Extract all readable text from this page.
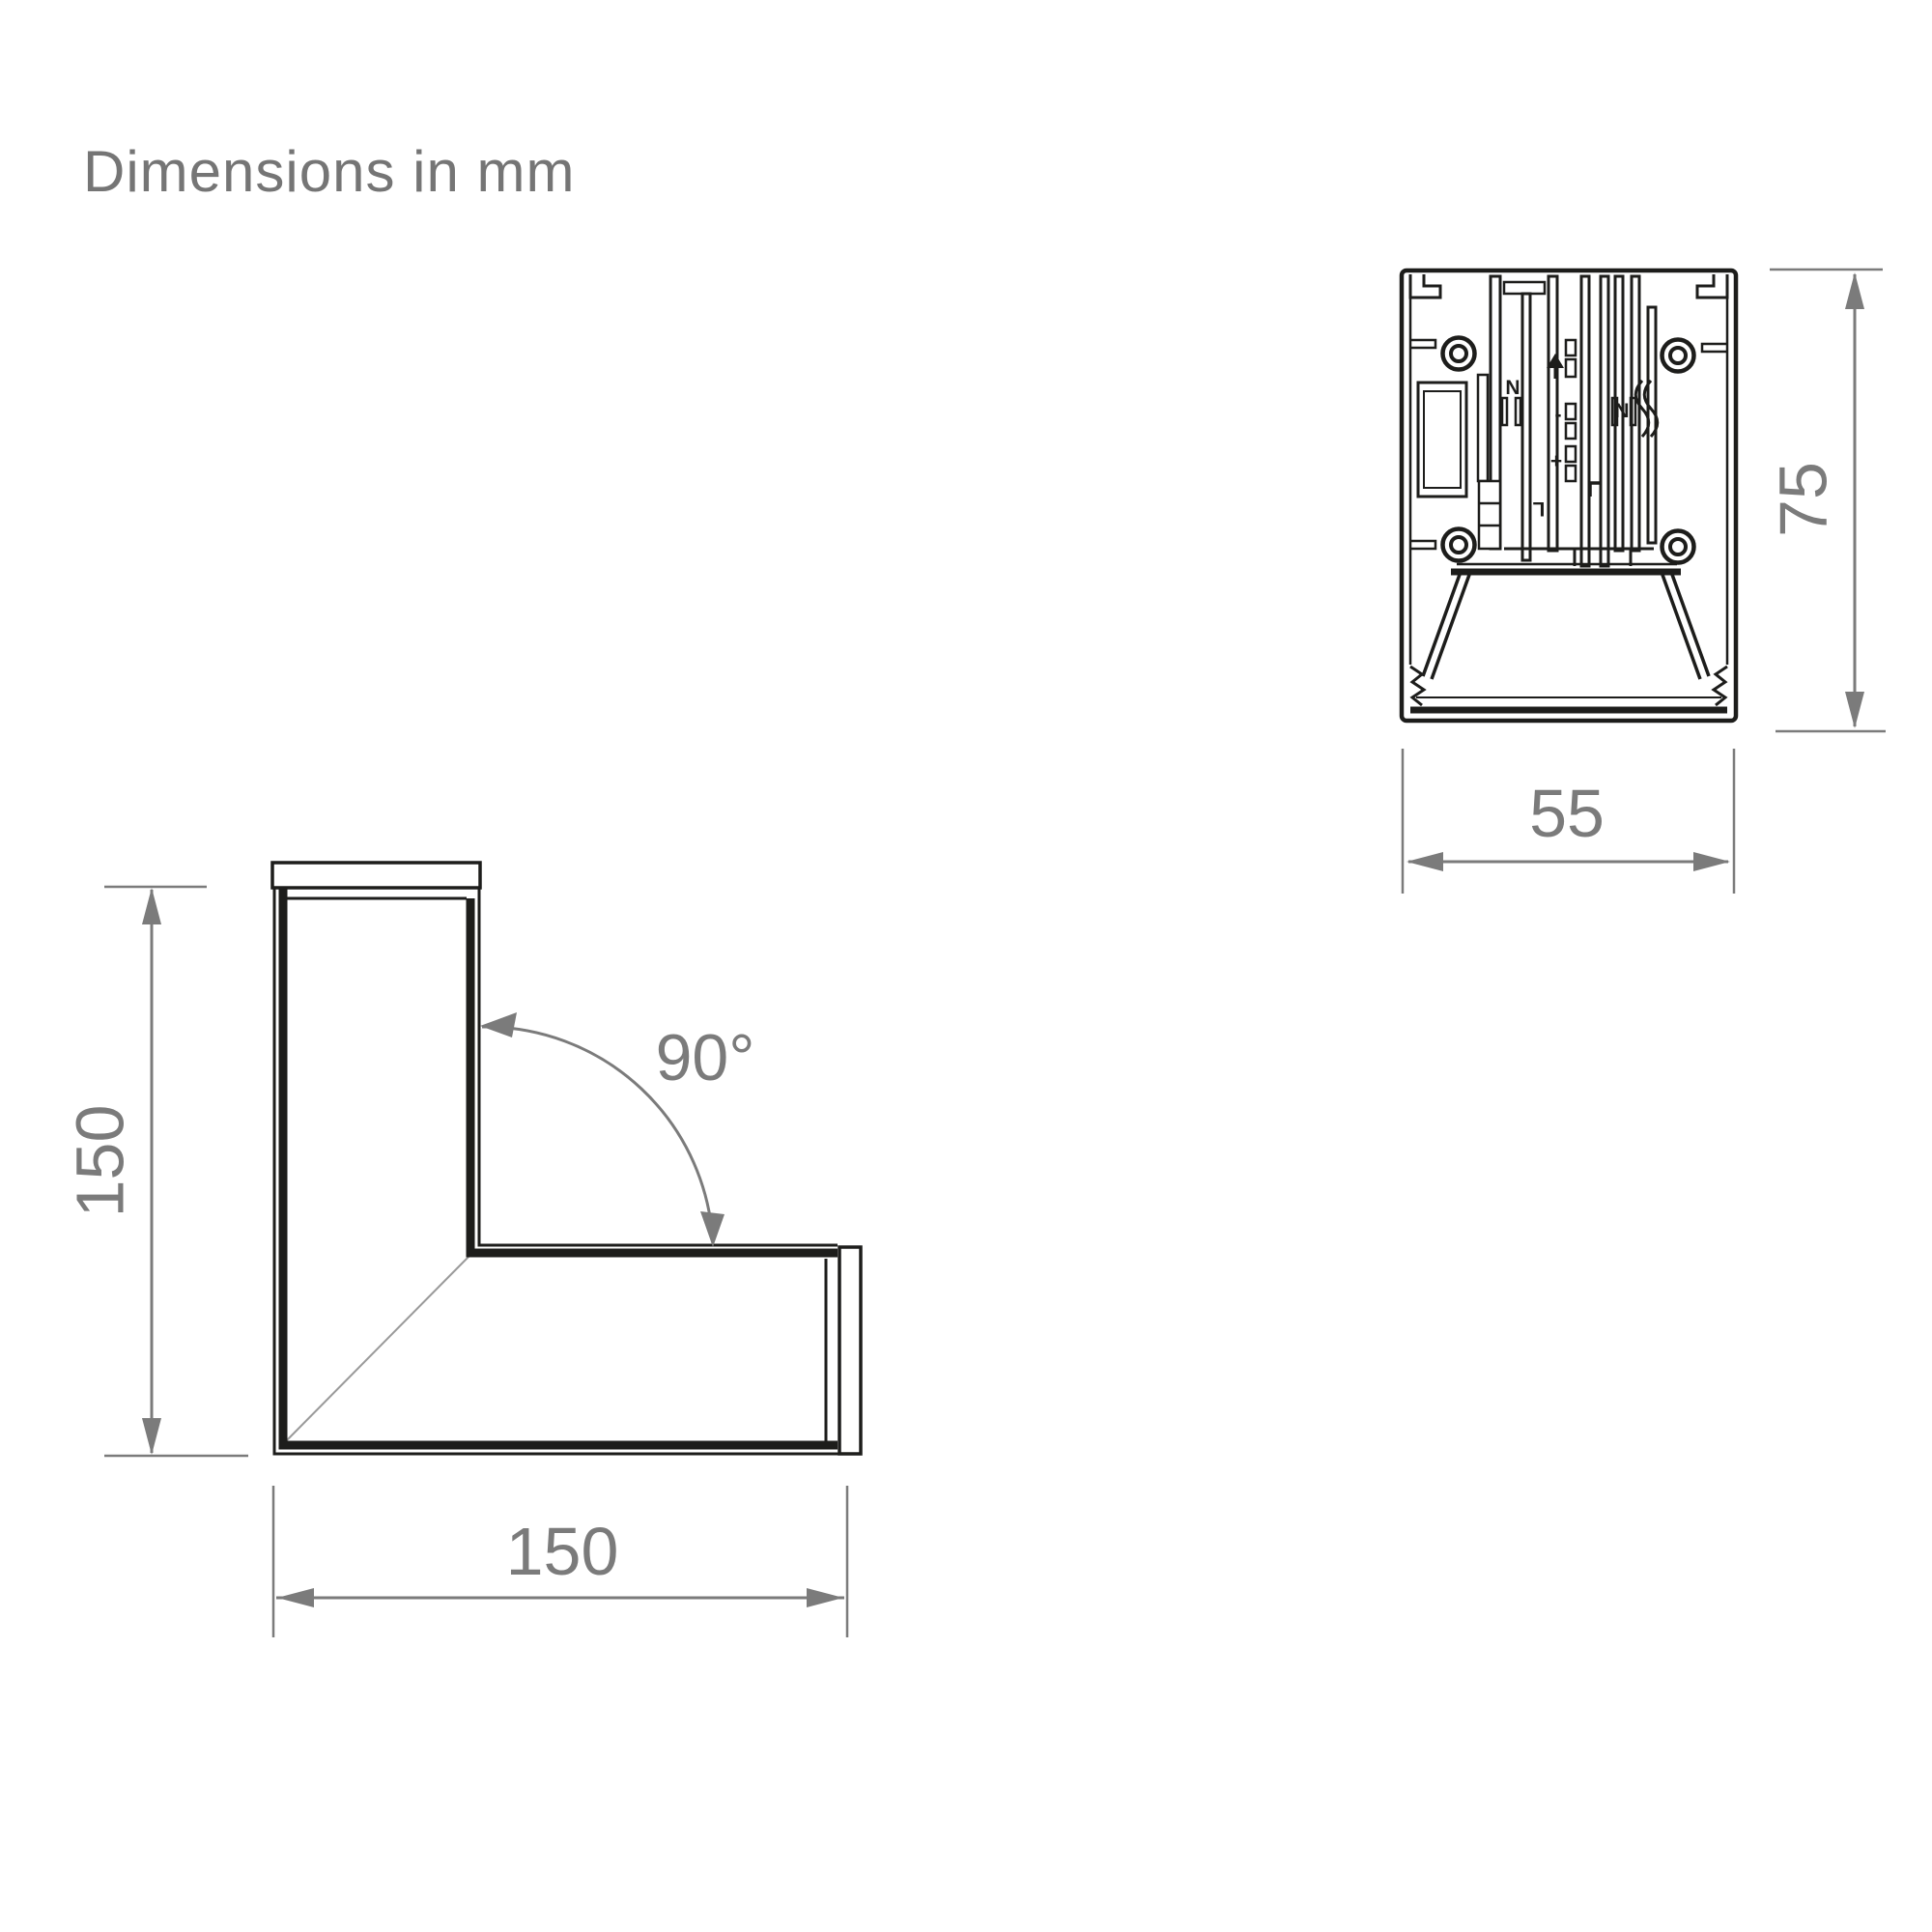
Dimensions in mm
N
-
+
L
N
75
55
90°
150
150
